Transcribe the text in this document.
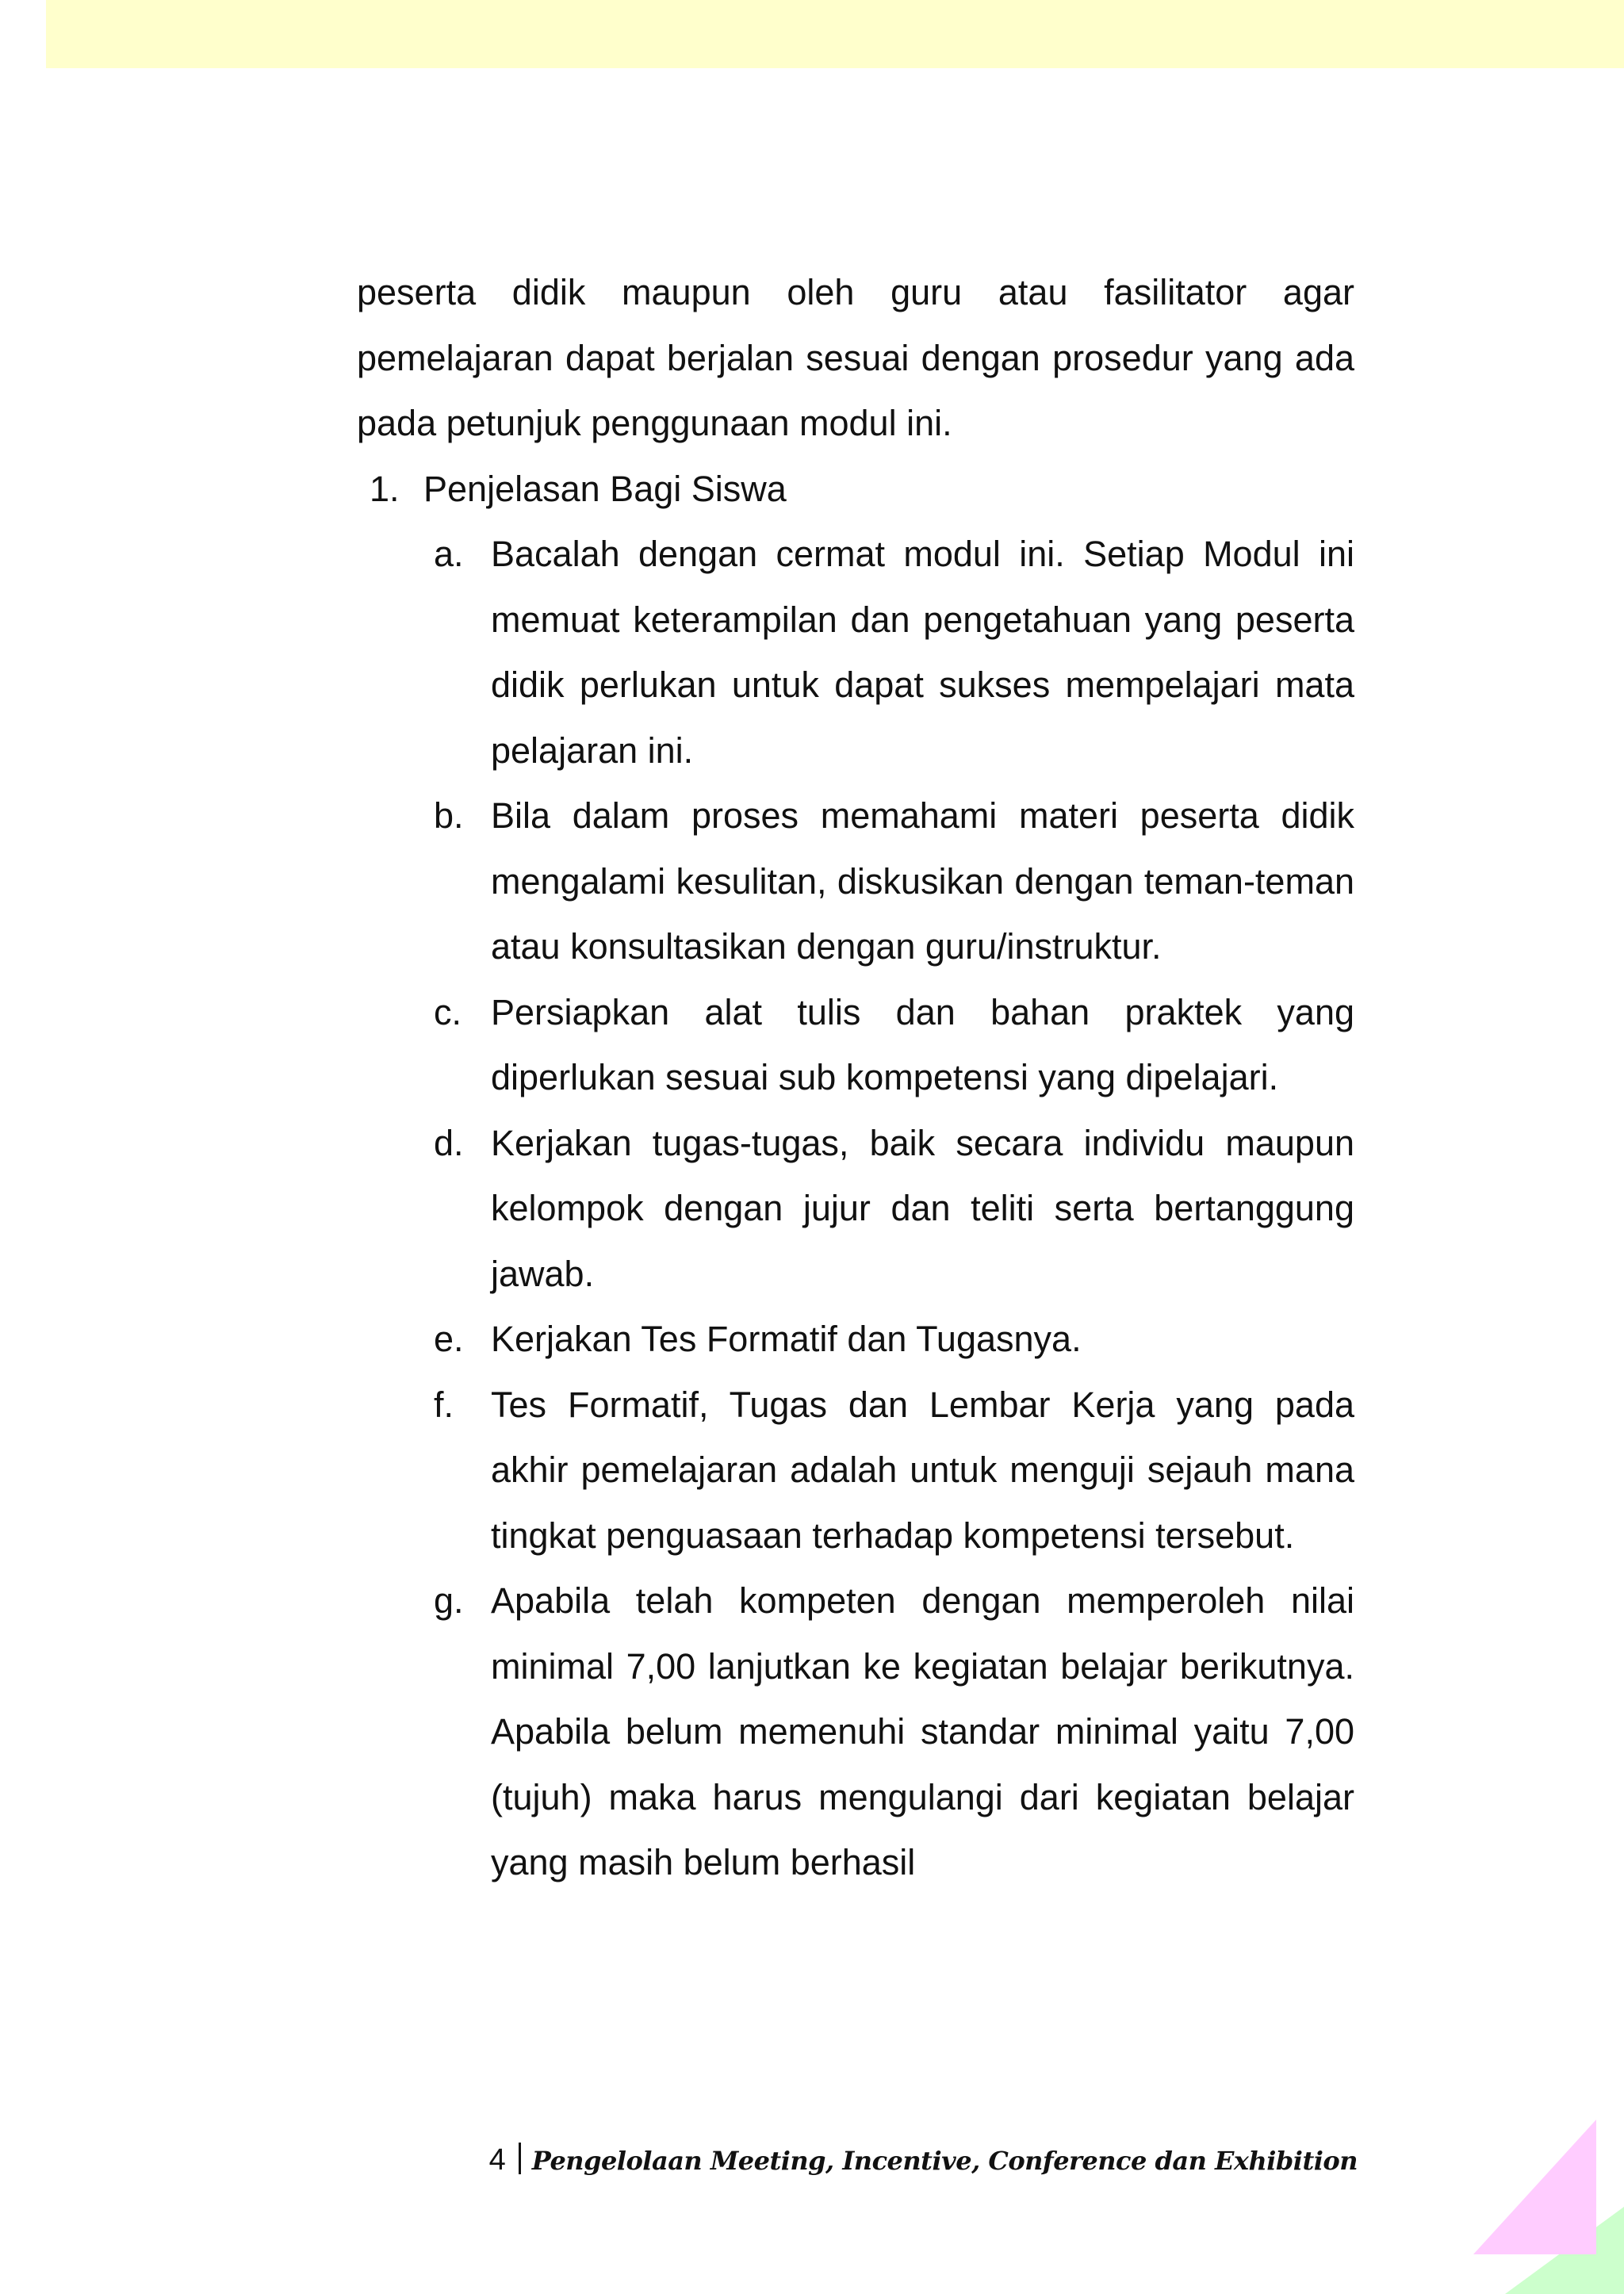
peserta didik maupun oleh guru atau fasilitator agar pemelajaran dapat berjalan sesuai dengan prosedur yang ada pada petunjuk penggunaan modul ini.

1. Penjelasan Bagi Siswa
a. Bacalah dengan cermat modul ini. Setiap Modul ini memuat keterampilan dan pengetahuan yang peserta didik perlukan untuk dapat sukses mempelajari mata pelajaran ini.
b. Bila dalam proses memahami materi peserta didik mengalami kesulitan, diskusikan dengan teman-teman atau konsultasikan dengan guru/instruktur.
c. Persiapkan alat tulis dan bahan praktek yang diperlukan sesuai sub kompetensi yang dipelajari.
d. Kerjakan tugas-tugas, baik secara individu maupun kelompok dengan jujur dan teliti serta bertanggung jawab.
e. Kerjakan Tes Formatif dan Tugasnya.
f.	Tes Formatif, Tugas dan Lembar Kerja yang pada akhir pemelajaran adalah untuk menguji sejauh mana tingkat penguasaan terhadap kompetensi tersebut.
g. Apabila telah kompeten dengan memperoleh nilai minimal 7,00 lanjutkan ke kegiatan belajar berikutnya. Apabila belum memenuhi standar minimal yaitu 7,00 (tujuh) maka harus mengulangi dari kegiatan belajar yang masih belum berhasil
4 Pengelolaan Meeting, Incentive, Conference dan Exhibition
